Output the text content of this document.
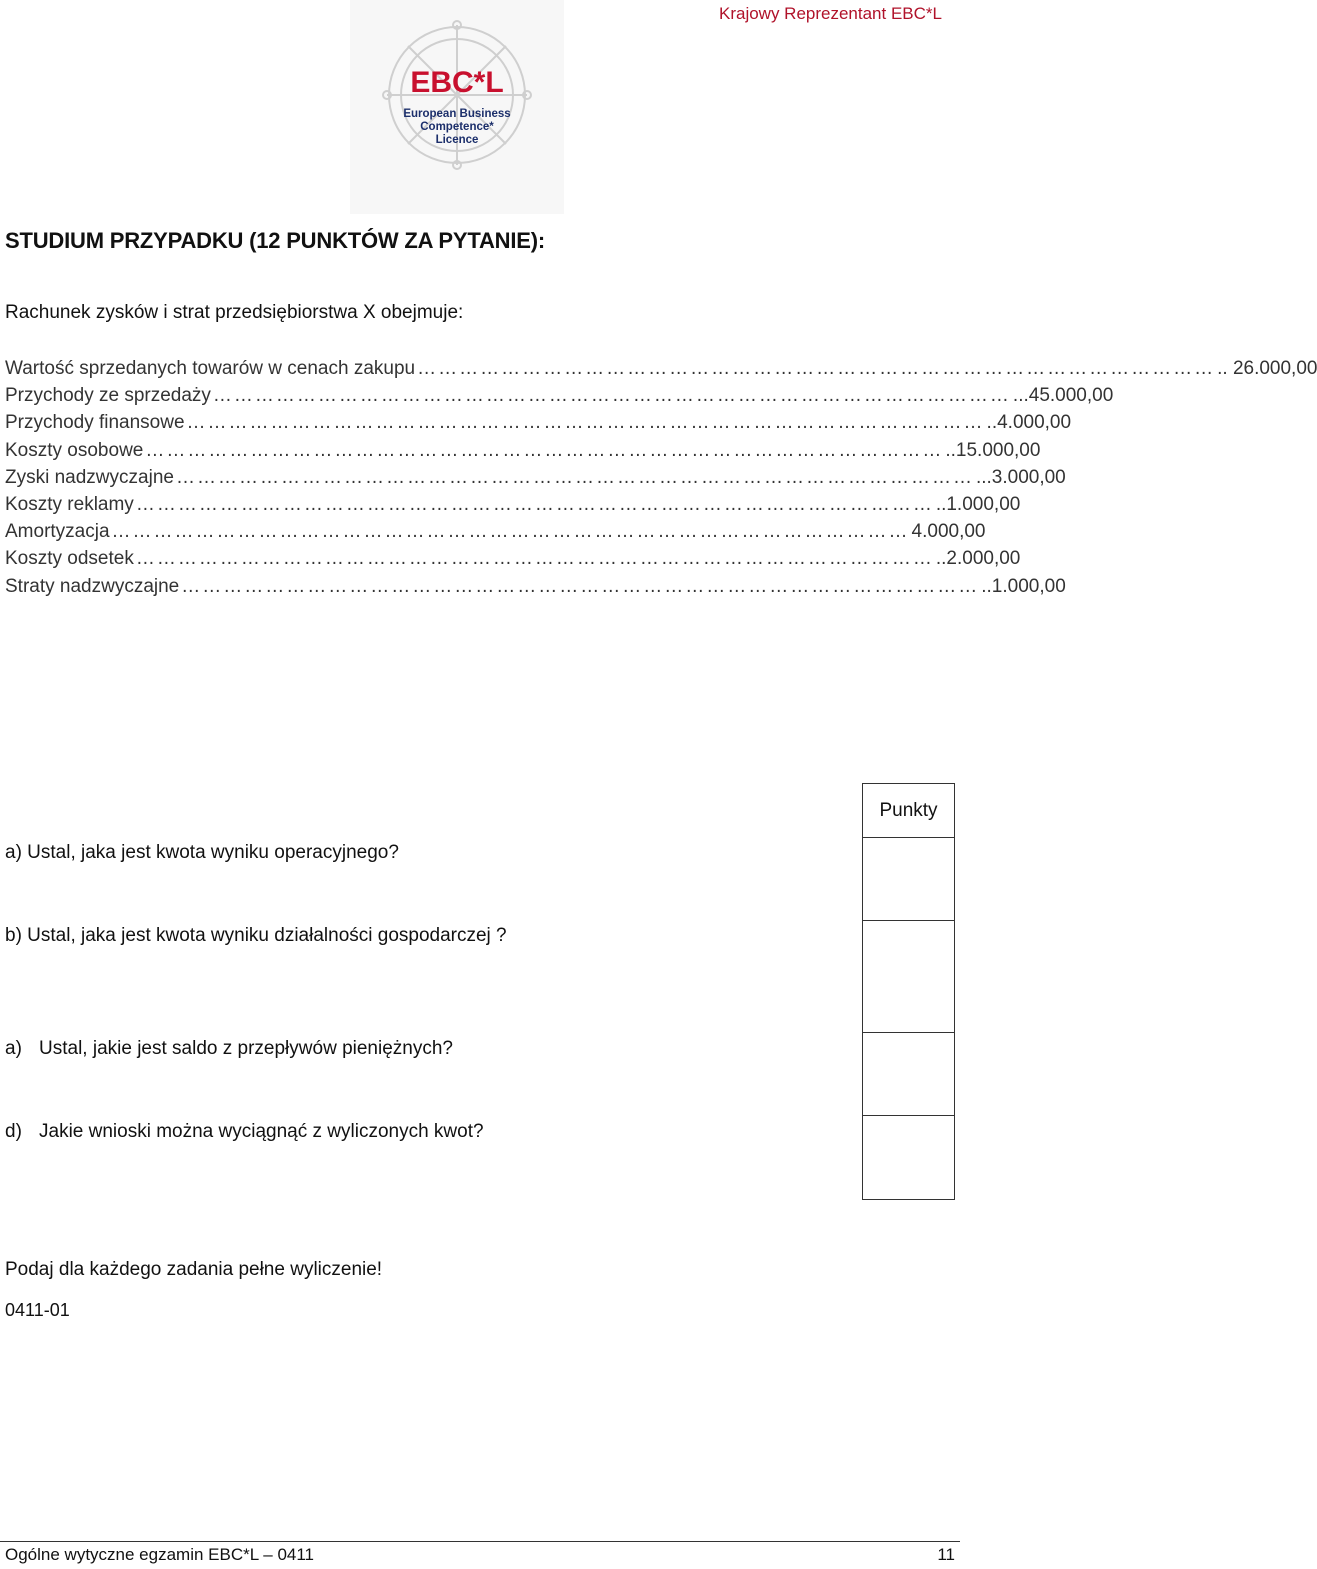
Krajowy Reprezentant EBC*L
EBC*L
European Business
Competence*
Licence
STUDIUM PRZYPADKU (12 PUNKTÓW ZA PYTANIE):
Rachunek zysków i strat przedsiębiorstwa X obejmuje:
Wartość sprzedanych towarów w cenach zakupu …………………………………………………………………………………………………… .. 26.000,00
Przychody ze sprzedaży …………………………………………………………………………………………………… ...45.000,00
Przychody finansowe …………………………………………………………………………………………………… ..4.000,00
Koszty osobowe …………………………………………………………………………………………………… ..15.000,00
Zyski nadzwyczajne …………………………………………………………………………………………………… ...3.000,00
Koszty reklamy …………………………………………………………………………………………………… ..1.000,00
Amortyzacja …………………………………………………………………………………………………… 4.000,00
Koszty odsetek …………………………………………………………………………………………………… ..2.000,00
Straty nadzwyczajne …………………………………………………………………………………………………… ..1.000,00
Punkty

a) Ustal, jaka jest kwota wyniku operacyjnego?
b) Ustal, jaka jest kwota wyniku działalności gospodarczej ?
a) Ustal, jakie jest saldo z przepływów pieniężnych?
d) Jakie wnioski można wyciągnąć z wyliczonych kwot?
Podaj dla każdego zadania pełne wyliczenie!
0411-01
Ogólne wytyczne egzamin EBC*L – 0411	11
